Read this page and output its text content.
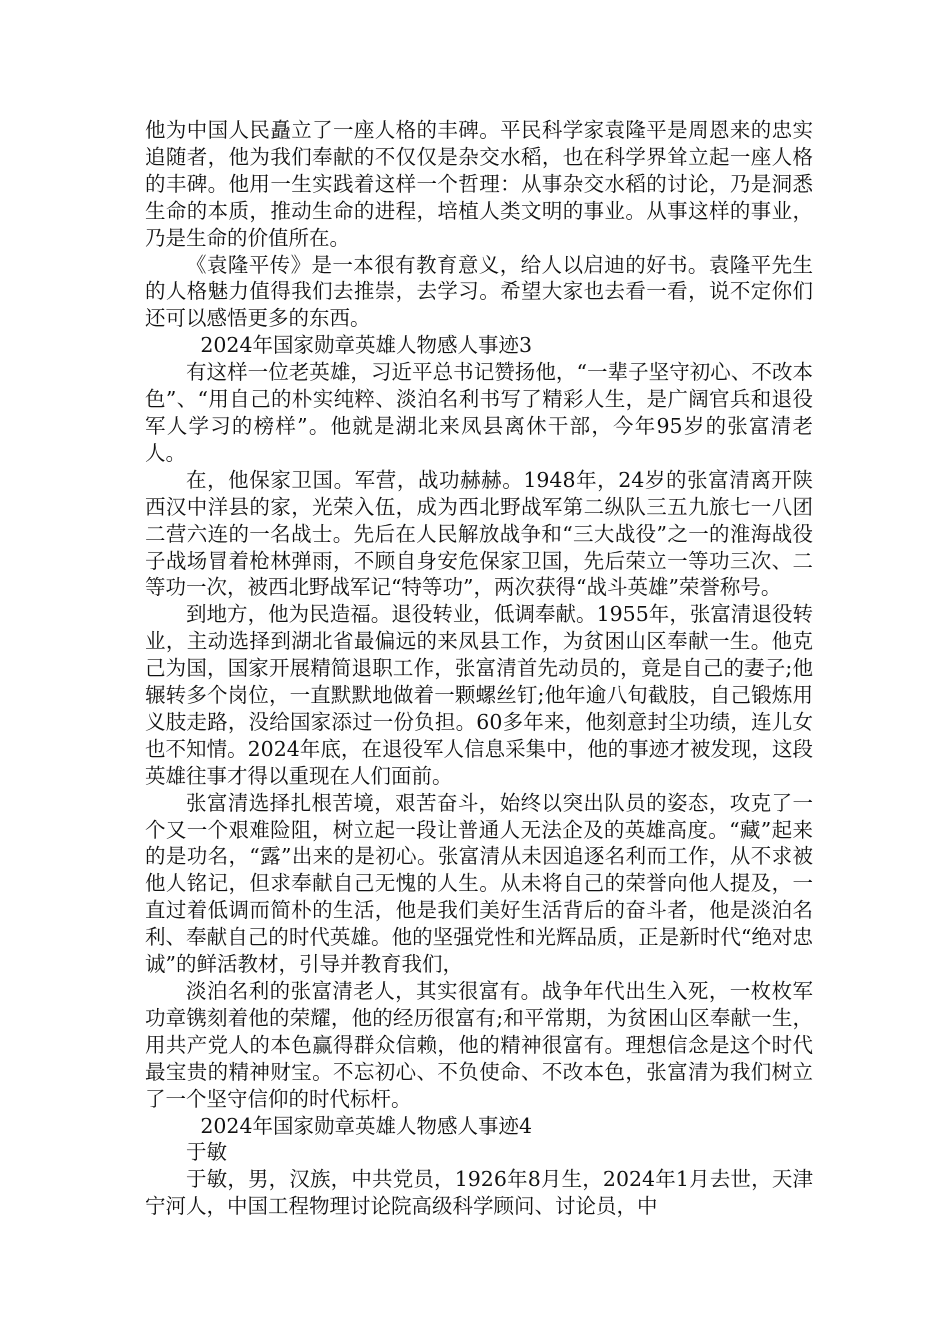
他为中国人民矗立了一座人格的丰碑。平民科学家袁隆平是周恩来的忠实追随者，他为我们奉献的不仅仅是杂交水稻，也在科学界耸立起一座人格的丰碑。他用一生实践着这样一个哲理：从事杂交水稻的讨论，乃是洞悉生命的本质，推动生命的进程，培植人类文明的事业。从事这样的事业，乃是生命的价值所在。

《袁隆平传》是一本很有教育意义，给人以启迪的好书。袁隆平先生的人格魅力值得我们去推崇，去学习。希望大家也去看一看，说不定你们还可以感悟更多的东西。

2024年国家勋章英雄人物感人事迹3

有这样一位老英雄，习近平总书记赞扬他，“一辈子坚守初心、不改本色”、“用自己的朴实纯粹、淡泊名利书写了精彩人生，是广阔官兵和退役军人学习的榜样”。他就是湖北来凤县离休干部，今年95岁的张富清老人。

在，他保家卫国。军营，战功赫赫。1948年，24岁的张富清离开陕西汉中洋县的家，光荣入伍，成为西北野战军第二纵队三五九旅七一八团二营六连的一名战士。先后在人民解放战争和“三大战役”之一的淮海战役子战场冒着枪林弹雨，不顾自身安危保家卫国，先后荣立一等功三次、二等功一次，被西北野战军记“特等功”，两次获得“战斗英雄”荣誉称号。

到地方，他为民造福。退役转业，低调奉献。1955年，张富清退役转业，主动选择到湖北省最偏远的来凤县工作，为贫困山区奉献一生。他克己为国，国家开展精简退职工作，张富清首先动员的，竟是自己的妻子;他辗转多个岗位，一直默默地做着一颗螺丝钉;他年逾八旬截肢，自己锻炼用义肢走路，没给国家添过一份负担。60多年来，他刻意封尘功绩，连儿女也不知情。2024年底，在退役军人信息采集中，他的事迹才被发现，这段英雄往事才得以重现在人们面前。

张富清选择扎根苦境，艰苦奋斗，始终以突出队员的姿态，攻克了一个又一个艰难险阻，树立起一段让普通人无法企及的英雄高度。“藏”起来的是功名，“露”出来的是初心。张富清从未因追逐名利而工作，从不求被他人铭记，但求奉献自己无愧的人生。从未将自己的荣誉向他人提及，一直过着低调而简朴的生活，他是我们美好生活背后的奋斗者，他是淡泊名利、奉献自己的时代英雄。他的坚强党性和光辉品质，正是新时代“绝对忠诚”的鲜活教材，引导并教育我们，

淡泊名利的张富清老人，其实很富有。战争年代出生入死，一枚枚军功章镌刻着他的荣耀，他的经历很富有;和平常期，为贫困山区奉献一生，用共产党人的本色赢得群众信赖，他的精神很富有。理想信念是这个时代最宝贵的精神财宝。不忘初心、不负使命、不改本色，张富清为我们树立了一个坚守信仰的时代标杆。

2024年国家勋章英雄人物感人事迹4

于敏

于敏，男，汉族，中共党员，1926年8月生，2024年1月去世，天津宁河人，中国工程物理讨论院高级科学顾问、讨论员，中
